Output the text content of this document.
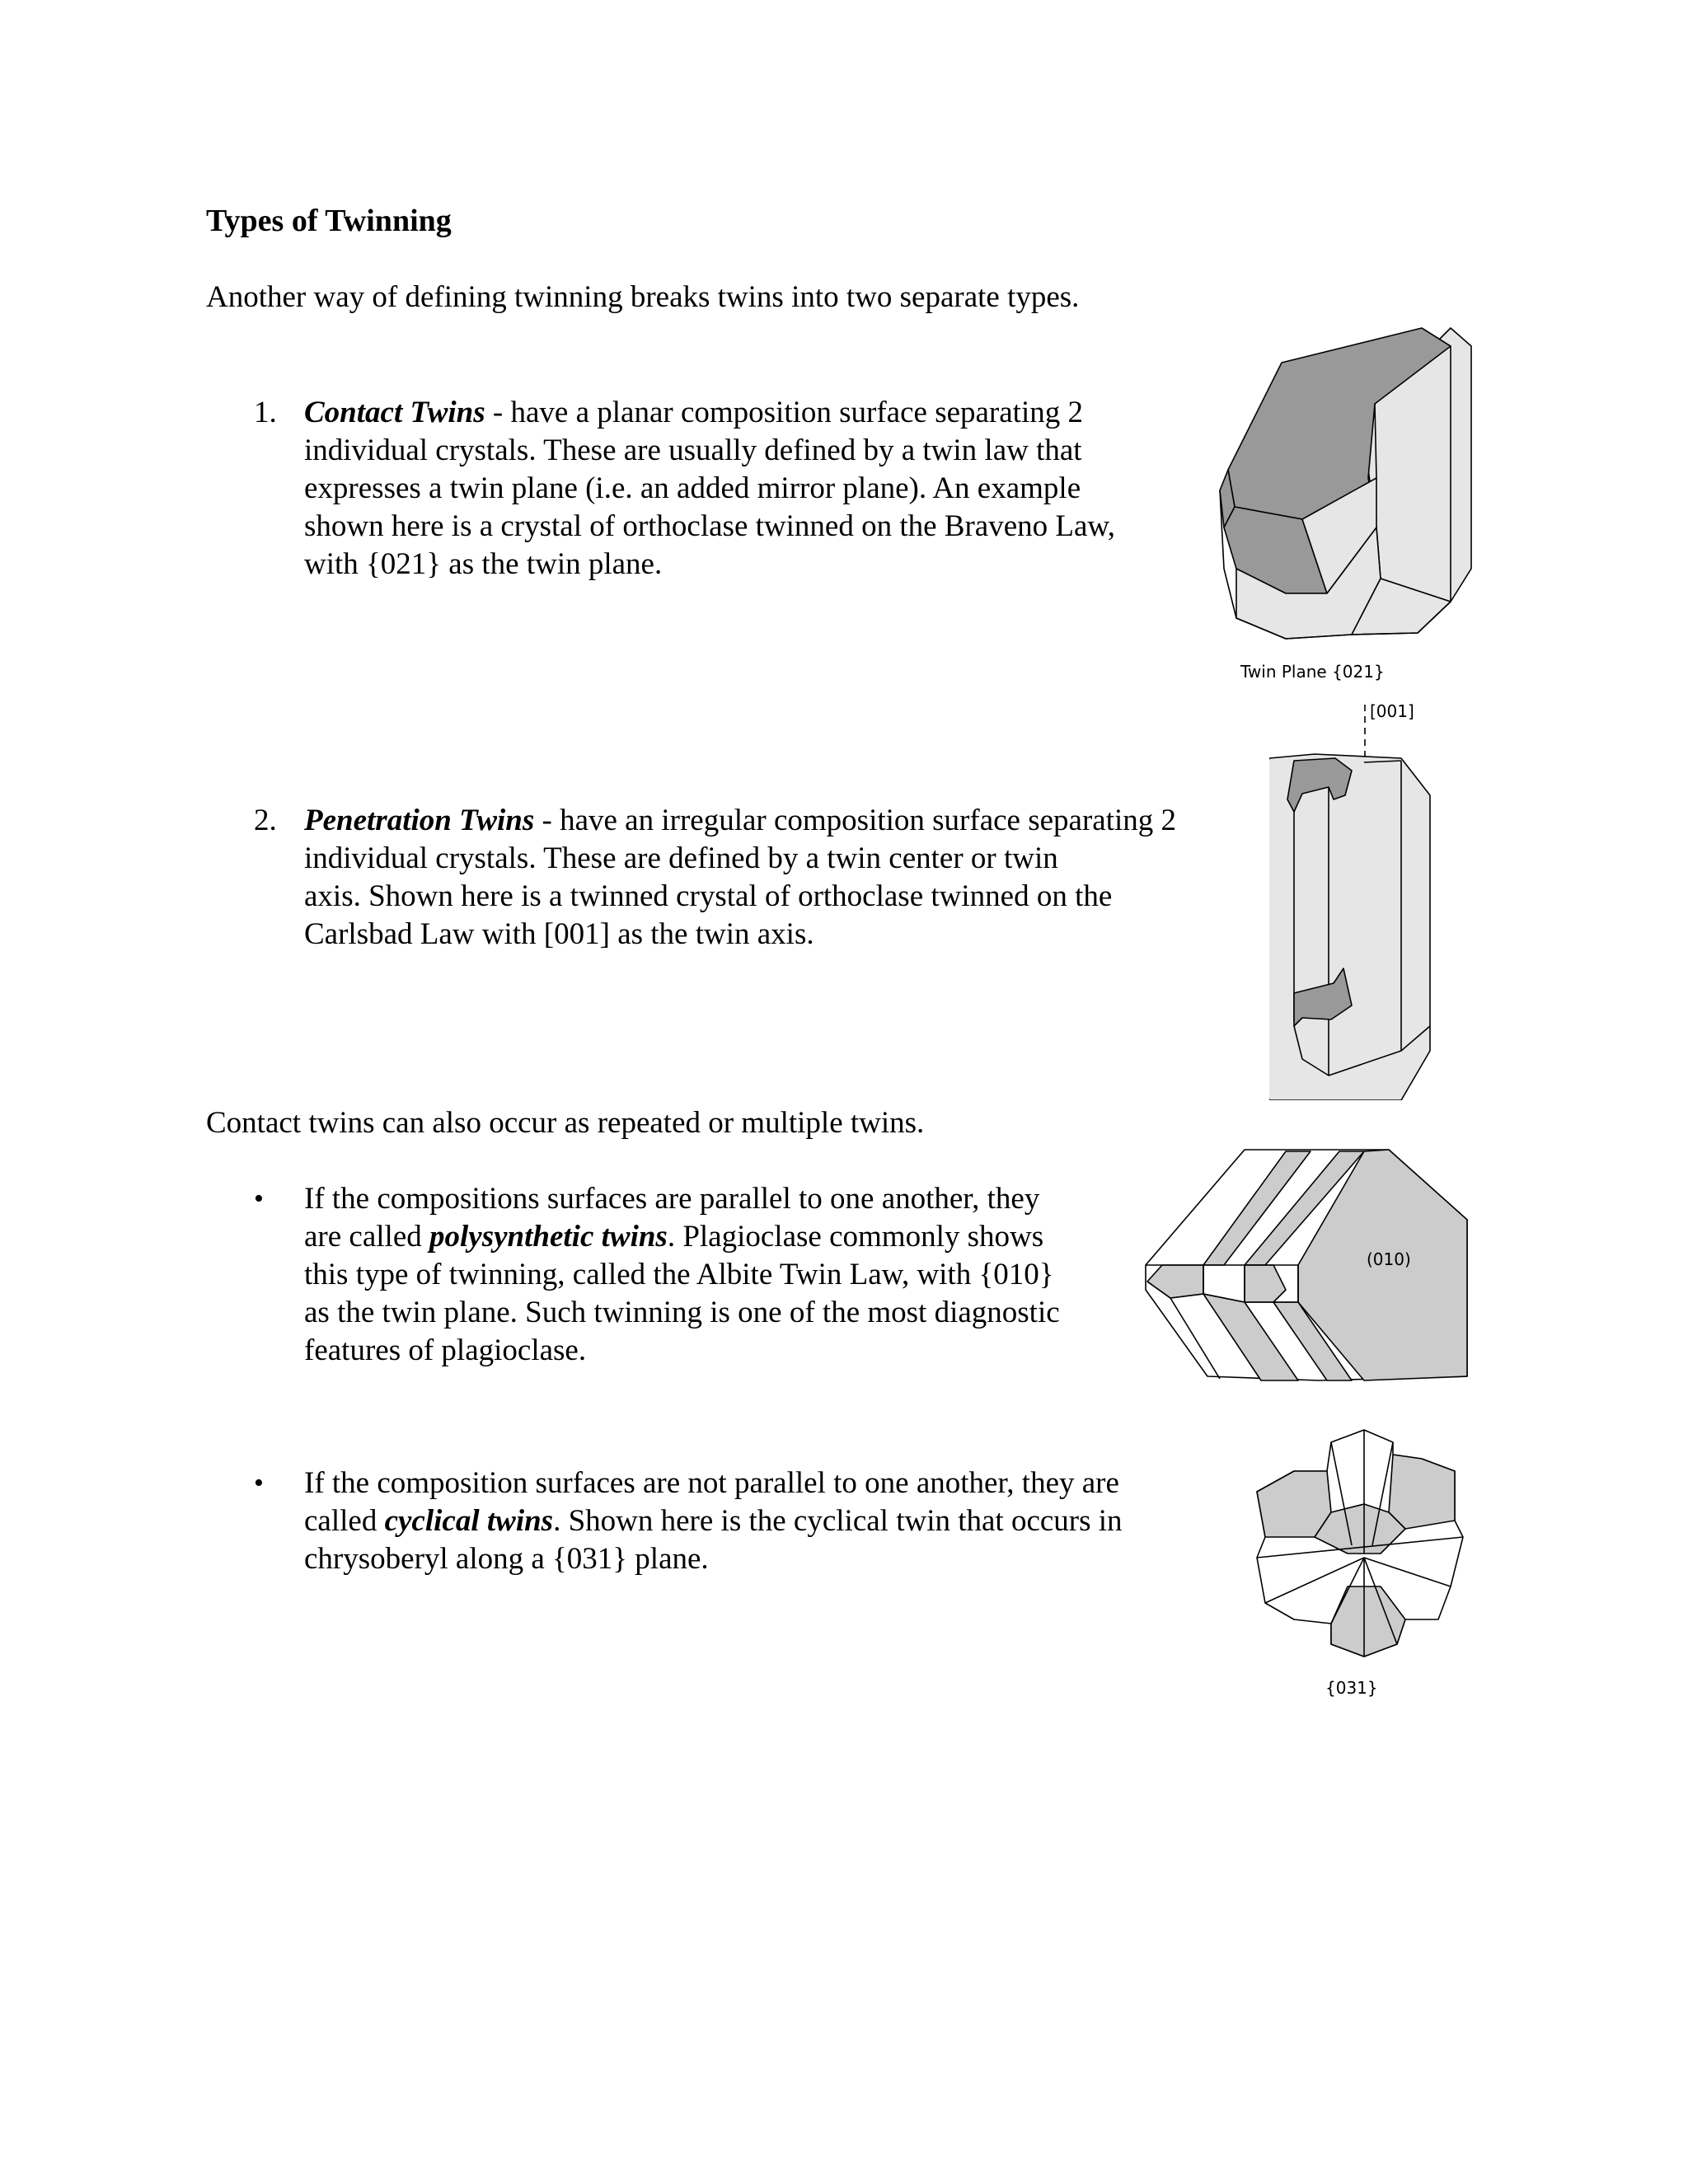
Types of Twinning
Another way of defining twinning breaks twins into two separate types.
1. Contact Twins - have a planar composition surface separating 2
individual crystals. These are usually defined by a twin law that
expresses a twin plane (i.e. an added mirror plane). An example
shown here is a crystal of orthoclase twinned on the Braveno Law,
with {021} as the twin plane.
2. Penetration Twins - have an irregular composition surface separating 2
individual crystals. These are defined by a twin center or twin
axis. Shown here is a twinned crystal of orthoclase twinned on the
Carlsbad Law with [001] as the twin axis.
Contact twins can also occur as repeated or multiple twins.
• If the compositions surfaces are parallel to one another, they
are called polysynthetic twins. Plagioclase commonly shows
this type of twinning, called the Albite Twin Law, with {010}
as the twin plane. Such twinning is one of the most diagnostic
features of plagioclase.
• If the composition surfaces are not parallel to one another, they are
called cyclical twins. Shown here is the cyclical twin that occurs in
chrysoberyl along a {031} plane.
Twin Plane {021}
[001]
(010)
{031}
